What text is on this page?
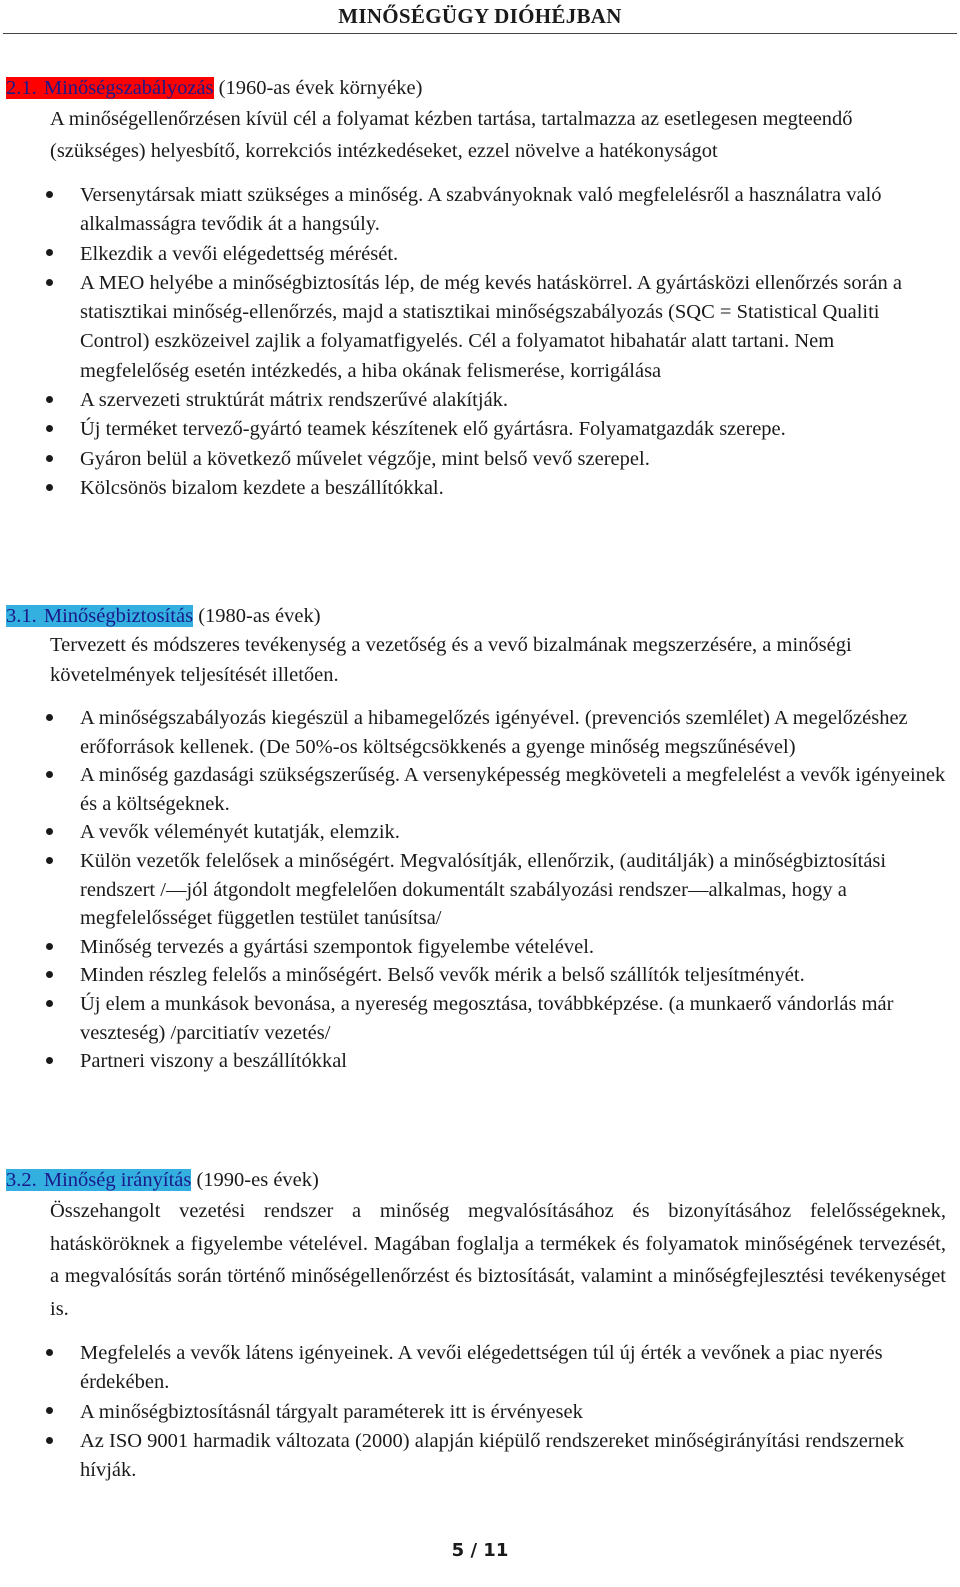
MINŐSÉGÜGY DIÓHÉJBAN
2.1. Minőségszabályozás (1960-as évek környéke)
A minőségellenőrzésen kívül cél a folyamat kézben tartása, tartalmazza az esetlegesen megteendő (szükséges) helyesbítő, korrekciós intézkedéseket, ezzel növelve a hatékonyságot
Versenytársak miatt szükséges a minőség. A szabványoknak való megfelelésről a használatra való alkalmasságra tevődik át a hangsúly.
Elkezdik a vevői elégedettség mérését.
A MEO helyébe a minőségbiztosítás lép, de még kevés hatáskörrel. A gyártásközi ellenőrzés során a statisztikai minőség-ellenőrzés, majd a statisztikai minőségszabályozás (SQC = Statistical Qualiti Control) eszközeivel zajlik a folyamatfigyelés. Cél a folyamatot hibahatár alatt tartani. Nem megfelelőség esetén intézkedés, a hiba okának felismerése, korrigálása
A szervezeti struktúrát mátrix rendszerűvé alakítják.
Új terméket tervező-gyártó teamek készítenek elő gyártásra. Folyamatgazdák szerepe.
Gyáron belül a következő művelet végzője, mint belső vevő szerepel.
Kölcsönös bizalom kezdete a beszállítókkal.
3.1. Minőségbiztosítás (1980-as évek)
Tervezett és módszeres tevékenység a vezetőség és a vevő bizalmának megszerzésére, a minőségi követelmények teljesítését illetően.
A minőségszabályozás kiegészül a hibamegelőzés igényével. (prevenciós szemlélet) A megelőzéshez erőforrások kellenek. (De 50%-os költségcsökkenés a gyenge minőség megszűnésével)
A minőség gazdasági szükségszerűség. A versenyképesség megköveteli a megfelelést a vevők igényeinek és a költségeknek.
A vevők véleményét kutatják, elemzik.
Külön vezetők felelősek a minőségért. Megvalósítják, ellenőrzik, (auditálják) a minőségbiztosítási rendszert /—jól átgondolt megfelelően dokumentált szabályozási rendszer—alkalmas, hogy a megfelelősséget független testület tanúsítsa/
Minőség tervezés a gyártási szempontok figyelembe vételével.
Minden részleg felelős a minőségért. Belső vevők mérik a belső szállítók teljesítményét.
Új elem a munkások bevonása, a nyereség megosztása, továbbképzése. (a munkaerő vándorlás már veszteség) /parcitiatív vezetés/
Partneri viszony a beszállítókkal
3.2. Minőség irányítás (1990-es évek)
Összehangolt vezetési rendszer a minőség megvalósításához és bizonyításához felelősségeknek, hatásköröknek a figyelembe vételével. Magában foglalja a termékek és folyamatok minőségének tervezését, a megvalósítás során történő minőségellenőrzést és biztosítását, valamint a minőségfejlesztési tevékenységet is.
Megfelelés a vevők látens igényeinek. A vevői elégedettségen túl új érték a vevőnek a piac nyerés érdekében.
A minőségbiztosításnál tárgyalt paraméterek itt is érvényesek
Az ISO 9001 harmadik változata (2000) alapján kiépülő rendszereket minőségirányítási rendszernek hívják.
5 / 11
